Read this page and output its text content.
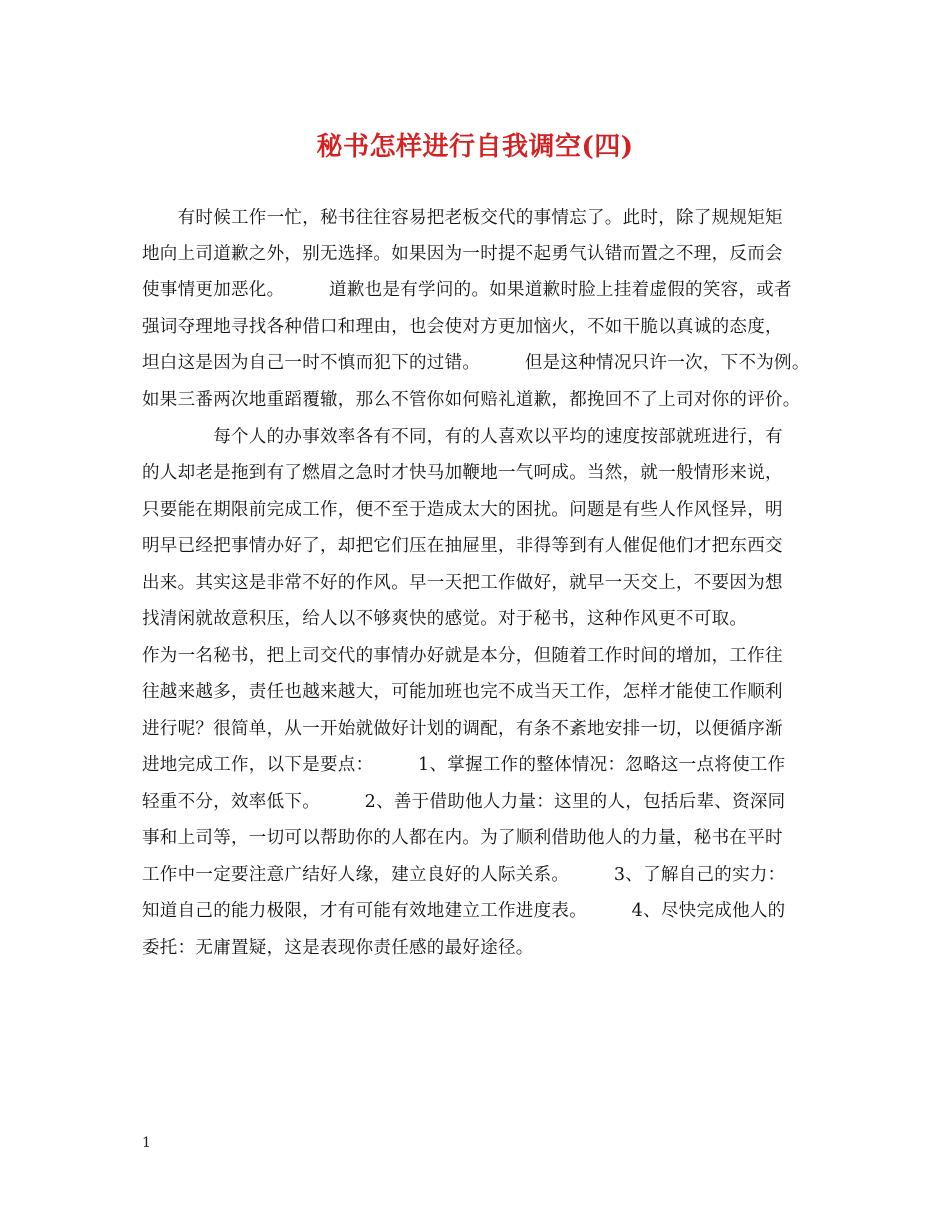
秘书怎样进行自我调空(四)
　　有时候工作一忙，秘书往往容易把老板交代的事情忘了。此时，除了规规矩矩
地向上司道歉之外，别无选择。如果因为一时提不起勇气认错而置之不理，反而会
使事情更加恶化。　　　道歉也是有学问的。如果道歉时脸上挂着虚假的笑容，或者
强词夺理地寻找各种借口和理由，也会使对方更加恼火，不如干脆以真诚的态度，
坦白这是因为自己一时不慎而犯下的过错。　　　但是这种情况只许一次，下不为例。
如果三番两次地重蹈覆辙，那么不管你如何赔礼道歉，都挽回不了上司对你的评价。
　　　　每个人的办事效率各有不同，有的人喜欢以平均的速度按部就班进行，有
的人却老是拖到有了燃眉之急时才快马加鞭地一气呵成。当然，就一般情形来说，
只要能在期限前完成工作，便不至于造成太大的困扰。问题是有些人作风怪异，明
明早已经把事情办好了，却把它们压在抽屉里，非得等到有人催促他们才把东西交
出来。其实这是非常不好的作风。早一天把工作做好，就早一天交上，不要因为想
找清闲就故意积压，给人以不够爽快的感觉。对于秘书，这种作风更不可取。
作为一名秘书，把上司交代的事情办好就是本分，但随着工作时间的增加，工作往
往越来越多，责任也越来越大，可能加班也完不成当天工作，怎样才能使工作顺利
进行呢？很简单，从一开始就做好计划的调配，有条不紊地安排一切，以便循序渐
进地完成工作，以下是要点：　　　1、掌握工作的整体情况：忽略这一点将使工作
轻重不分，效率低下。　　　2、善于借助他人力量：这里的人，包括后辈、资深同
事和上司等，一切可以帮助你的人都在内。为了顺利借助他人的力量，秘书在平时
工作中一定要注意广结好人缘，建立良好的人际关系。　　　3、了解自己的实力：
知道自己的能力极限，才有可能有效地建立工作进度表。　　　4、尽快完成他人的
委托：无庸置疑，这是表现你责任感的最好途径。
1
